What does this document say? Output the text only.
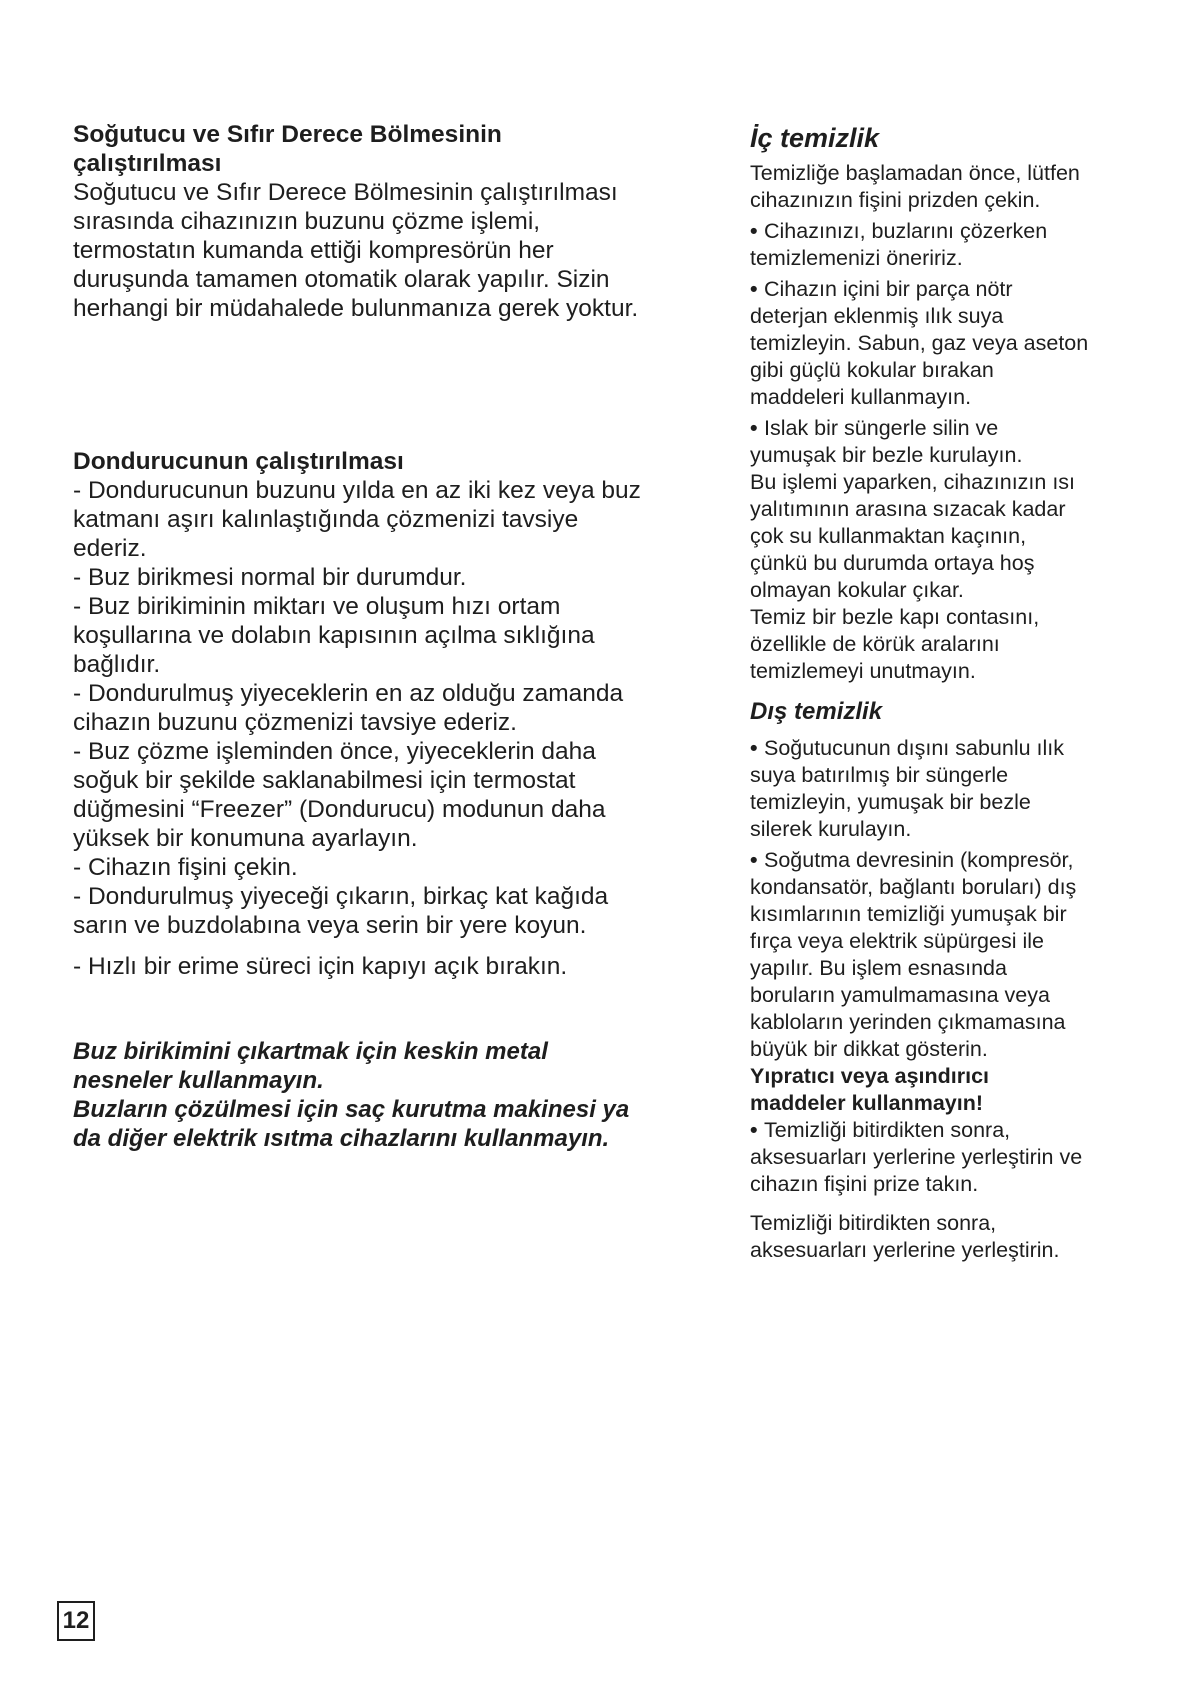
Soğutucu ve Sıfır Derece Bölmesinin
çalıştırılması
Soğutucu ve Sıfır Derece Bölmesinin çalıştırılması
sırasında cihazınızın buzunu çözme işlemi,
termostatın kumanda ettiği kompresörün her
duruşunda tamamen otomatik olarak yapılır. Sizin
herhangi bir müdahalede bulunmanıza gerek yoktur.
Dondurucunun çalıştırılması
- Dondurucunun buzunu yılda en az iki kez veya buz
katmanı aşırı kalınlaştığında çözmenizi tavsiye
ederiz.
- Buz birikmesi normal bir durumdur.
- Buz birikiminin miktarı ve oluşum hızı ortam
koşullarına ve dolabın kapısının açılma sıklığına
bağlıdır.
- Dondurulmuş yiyeceklerin en az olduğu zamanda
cihazın buzunu çözmenizi tavsiye ederiz.
- Buz çözme işleminden önce, yiyeceklerin daha
soğuk bir şekilde saklanabilmesi için termostat
düğmesini “Freezer” (Dondurucu) modunun daha
yüksek bir konumuna ayarlayın.
- Cihazın fişini çekin.
- Dondurulmuş yiyeceği çıkarın, birkaç kat kağıda
sarın ve buzdolabına veya serin bir yere koyun.
- Hızlı bir erime süreci için kapıyı açık bırakın.
Buz birikimini çıkartmak için keskin metal
nesneler kullanmayın.
Buzların çözülmesi için saç kurutma makinesi ya
da diğer elektrik ısıtma cihazlarını kullanmayın.
İç temizlik
Temizliğe başlamadan önce, lütfen
cihazınızın fişini prizden çekin.
• Cihazınızı, buzlarını çözerken
temizlemenizi öneririz.
• Cihazın içini bir parça nötr
deterjan eklenmiş ılık suya
temizleyin. Sabun, gaz veya aseton
gibi güçlü kokular bırakan
maddeleri kullanmayın.
• Islak bir süngerle silin ve
yumuşak bir bezle kurulayın.
Bu işlemi yaparken, cihazınızın ısı
yalıtımının arasına sızacak kadar
çok su kullanmaktan kaçının,
çünkü bu durumda ortaya hoş
olmayan kokular çıkar.
Temiz bir bezle kapı contasını,
özellikle de körük aralarını
temizlemeyi unutmayın.
Dış temizlik
• Soğutucunun dışını sabunlu ılık
suya batırılmış bir süngerle
temizleyin, yumuşak bir bezle
silerek kurulayın.
• Soğutma devresinin (kompresör,
kondansatör, bağlantı boruları) dış
kısımlarının temizliği yumuşak bir
fırça veya elektrik süpürgesi ile
yapılır. Bu işlem esnasında
boruların yamulmamasına veya
kabloların yerinden çıkmamasına
büyük bir dikkat gösterin.
Yıpratıcı veya aşındırıcı
maddeler kullanmayın!
• Temizliği bitirdikten sonra,
aksesuarları yerlerine yerleştirin ve
cihazın fişini prize takın.
Temizliği bitirdikten sonra,
aksesuarları yerlerine yerleştirin.
12
